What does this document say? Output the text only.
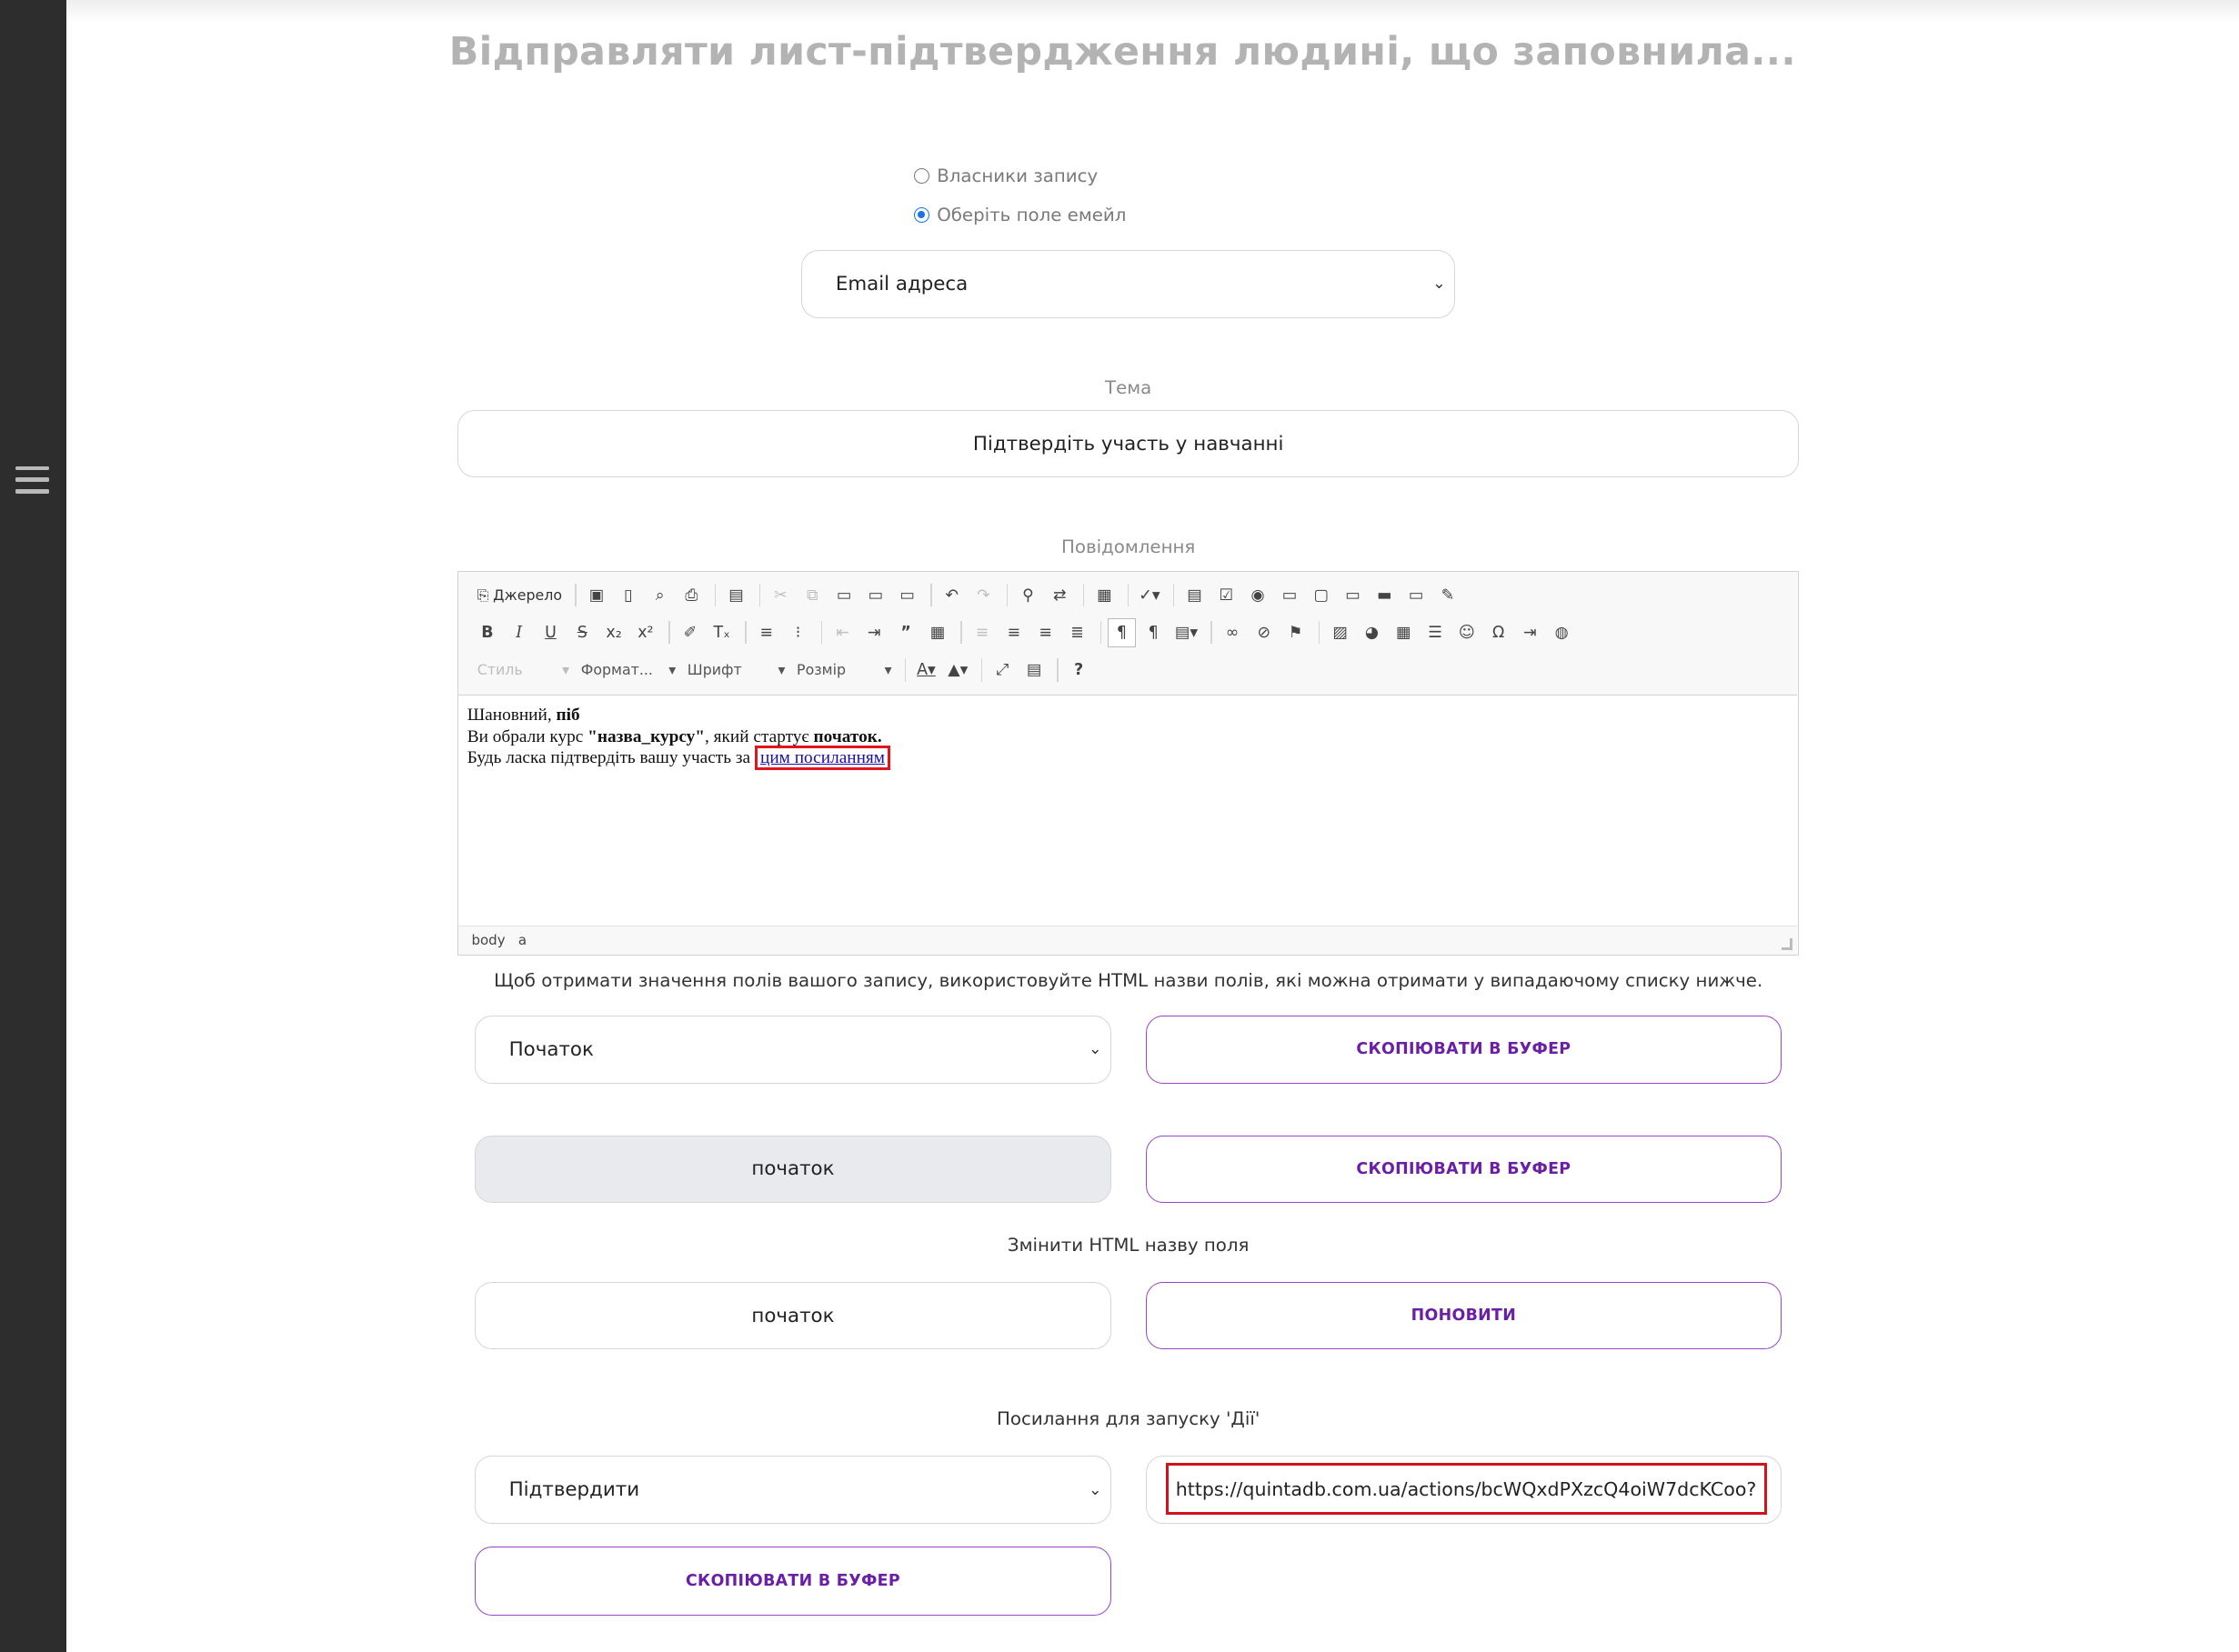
Відправляти лист-підтвердження людині, що заповнила...
Власники запису
Оберіть поле емейл
Email адреса	⌄
Тема
Підтвердіть участь у навчанні
Повідомлення
⎘ Джерело	▣	▯	⌕	⎙	▤	✂	⧉	▭	▭	▭	↶	↷	⚲	⇄	▦	✓▾	▤	☑	◉	▭	▢	▭	▬	▭	✎
B	I	U	S	x₂	x²	✐	Tₓ	≡	⁝	⇤	⇥	”	▦	≡	≡	≡	≣	¶	¶	▤▾	∞	⊘	⚑	▨	◕	▦	☰	☺	Ω	⇥	◍
Стиль	▾ Формат... ▾ Шрифт	▾ Розмір	▾	A▾	▲▾	⤢	▤	?
Шановний, піб
Ви обрали курс "назва_курсу", який стартує початок.
Будь ласка підтвердіть вашу участь за цим посиланням
body a
Щоб отримати значення полів вашого запису, використовуйте HTML назви полів, які можна отримати у випадаючому списку нижче.
Початок	⌄	СКОПІЮВАТИ В БУФЕР
початок	СКОПІЮВАТИ В БУФЕР
Змінити HTML назву поля
початок	ПОНОВИТИ
Посилання для запуску 'Дії'
Підтвердити	⌄	https://quintadb.com.ua/actions/bcWQxdPXzcQ4oiW7dcKCoo?
СКОПІЮВАТИ В БУФЕР
